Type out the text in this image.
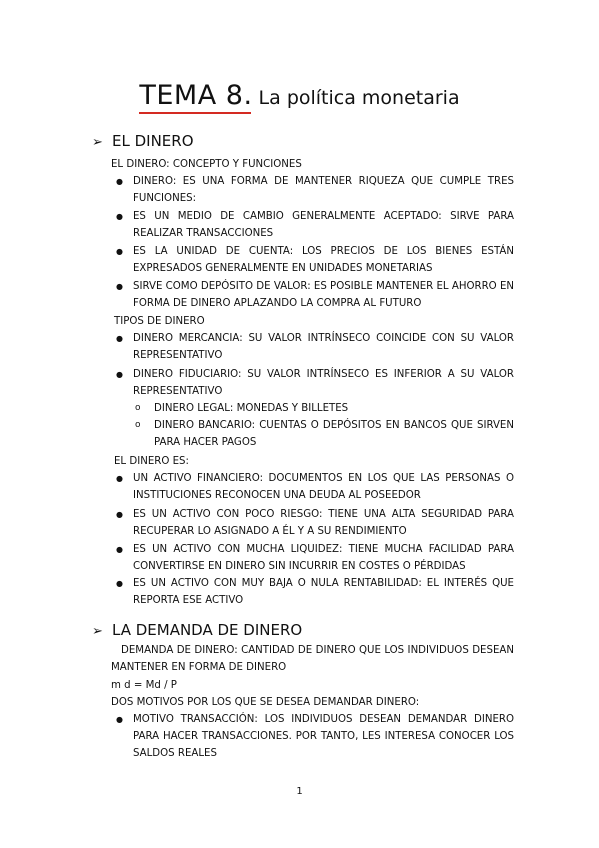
TEMA 8. La política monetaria
➢ EL DINERO
EL DINERO: CONCEPTO Y FUNCIONES
● DINERO: ES UNA FORMA DE MANTENER RIQUEZA QUE CUMPLE TRES FUNCIONES:
● ES UN MEDIO DE CAMBIO GENERALMENTE ACEPTADO: SIRVE PARA REALIZAR TRANSACCIONES
● ES LA UNIDAD DE CUENTA: LOS PRECIOS DE LOS BIENES ESTÁN EXPRESADOS GENERALMENTE EN UNIDADES MONETARIAS
● SIRVE COMO DEPÓSITO DE VALOR: ES POSIBLE MANTENER EL AHORRO EN FORMA DE DINERO APLAZANDO LA COMPRA AL FUTURO
TIPOS DE DINERO
● DINERO MERCANCIA: SU VALOR INTRÍNSECO COINCIDE CON SU VALOR REPRESENTATIVO
● DINERO FIDUCIARIO: SU VALOR INTRÍNSECO ES INFERIOR A SU VALOR REPRESENTATIVO
o DINERO LEGAL: MONEDAS Y BILLETES
o DINERO BANCARIO: CUENTAS O DEPÓSITOS EN BANCOS QUE SIRVEN PARA HACER PAGOS
EL DINERO ES:
● UN ACTIVO FINANCIERO: DOCUMENTOS EN LOS QUE LAS PERSONAS O INSTITUCIONES RECONOCEN UNA DEUDA AL POSEEDOR
● ES UN ACTIVO CON POCO RIESGO: TIENE UNA ALTA SEGURIDAD PARA RECUPERAR LO ASIGNADO A ÉL Y A SU RENDIMIENTO
● ES UN ACTIVO CON MUCHA LIQUIDEZ: TIENE MUCHA FACILIDAD PARA CONVERTIRSE EN DINERO SIN INCURRIR EN COSTES O PÉRDIDAS
● ES UN ACTIVO CON MUY BAJA O NULA RENTABILIDAD: EL INTERÉS QUE REPORTA ESE ACTIVO
➢ LA DEMANDA DE DINERO
DEMANDA DE DINERO: CANTIDAD DE DINERO QUE LOS INDIVIDUOS DESEAN MANTENER EN FORMA DE DINERO
m d = Md / P
DOS MOTIVOS POR LOS QUE SE DESEA DEMANDAR DINERO:
● MOTIVO TRANSACCIÓN: LOS INDIVIDUOS DESEAN DEMANDAR DINERO PARA HACER TRANSACCIONES. POR TANTO, LES INTERESA CONOCER LOS SALDOS REALES
1
